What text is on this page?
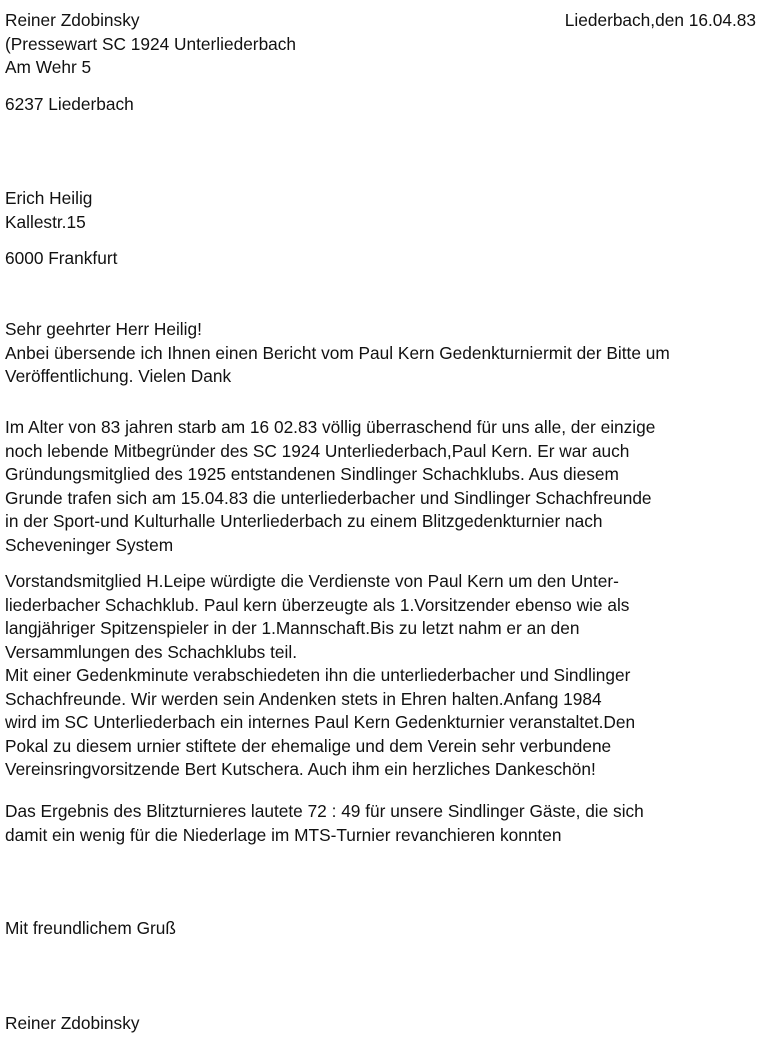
Reiner Zdobinsky
(Pressewart SC 1924 Unterliederbach
Am Wehr 5
6237 Liederbach
Liederbach,den 16.04.83
Erich Heilig
Kallestr.15
6000 Frankfurt
Sehr geehrter Herr Heilig!
Anbei übersende ich Ihnen einen Bericht vom Paul Kern Gedenkturniermit der Bitte um
Veröffentlichung. Vielen Dank
Im Alter von 83 jahren starb am 16 02.83 völlig überraschend für uns alle, der einzige
noch lebende Mitbegründer des SC 1924 Unterliederbach,Paul Kern. Er war auch
Gründungsmitglied des 1925 entstandenen Sindlinger Schachklubs. Aus diesem
Grunde trafen sich am 15.04.83 die unterliederbacher und Sindlinger Schachfreunde
in der Sport-und Kulturhalle Unterliederbach zu einem Blitzgedenkturnier nach
Scheveninger System
Vorstandsmitglied H.Leipe würdigte die Verdienste von Paul Kern um den Unter-
liederbacher Schachklub. Paul kern überzeugte als 1.Vorsitzender ebenso wie als
langjähriger Spitzenspieler in der 1.Mannschaft.Bis zu letzt nahm er an den
Versammlungen des Schachklubs teil.
Mit einer Gedenkminute verabschiedeten ihn die unterliederbacher und Sindlinger
Schachfreunde. Wir werden sein Andenken stets in Ehren halten.Anfang 1984
wird im SC Unterliederbach ein internes Paul Kern Gedenkturnier veranstaltet.Den
Pokal zu diesem urnier stiftete der ehemalige und dem Verein sehr verbundene
Vereinsringvorsitzende Bert Kutschera. Auch ihm ein herzliches Dankeschön!
Das Ergebnis des Blitzturnieres lautete 72 : 49 für unsere Sindlinger Gäste, die sich
damit ein wenig für die Niederlage im MTS-Turnier revanchieren konnten
Mit freundlichem Gruß
Reiner Zdobinsky
